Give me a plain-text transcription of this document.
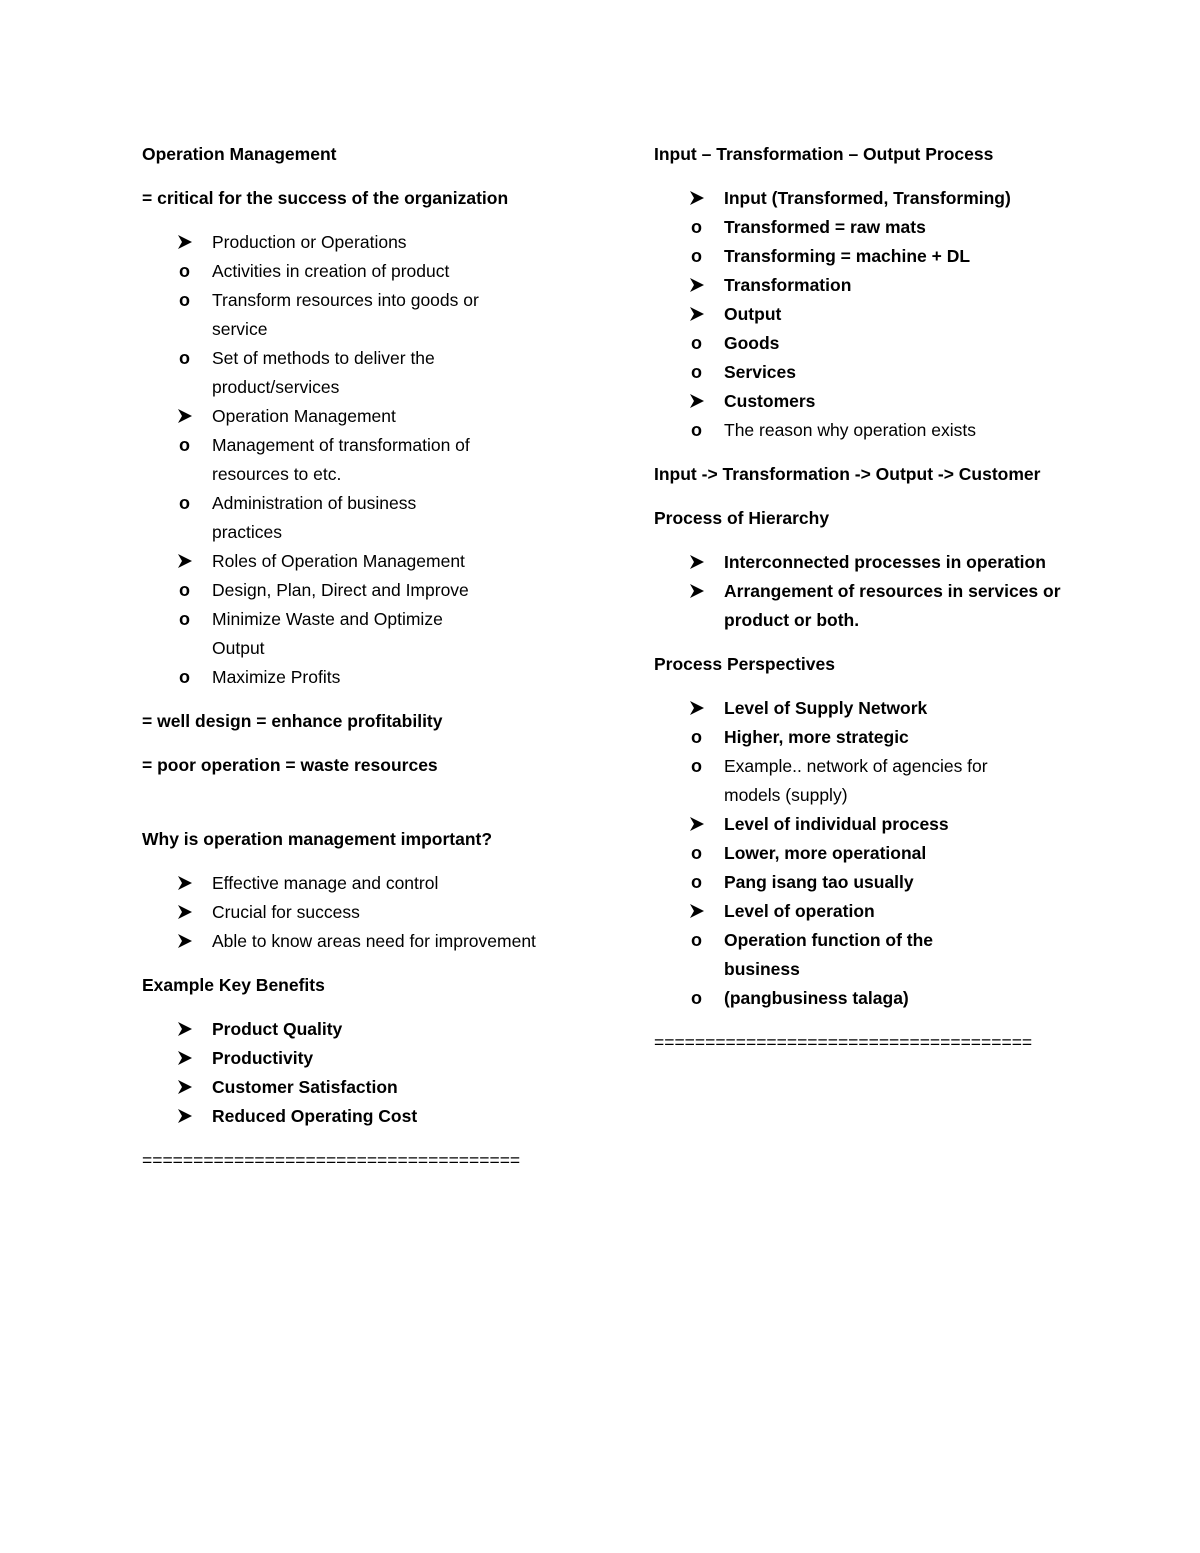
Operation Management

= critical for the success of the organization

Production or Operations
o Activities in creation of product
o Transform resources into goods or service
o Set of methods to deliver the product/services
Operation Management
o Management of transformation of resources to etc.
o Administration of business practices
Roles of Operation Management
o Design, Plan, Direct and Improve
o Minimize Waste and Optimize Output
o Maximize Profits

= well design = enhance profitability

= poor operation = waste resources

Why is operation management important?

Effective manage and control
Crucial for success
Able to know areas need for improvement

Example Key Benefits

Product Quality
Productivity
Customer Satisfaction
Reduced Operating Cost
=====================================

Input – Transformation – Output Process

Input (Transformed, Transforming)
o Transformed = raw mats
o Transforming = machine + DL
Transformation
Output
o Goods
o Services
Customers
o The reason why operation exists

Input -> Transformation -> Output -> Customer

Process of Hierarchy

Interconnected processes in operation
Arrangement of resources in services or product or both.

Process Perspectives

Level of Supply Network
o Higher, more strategic
o Example.. network of agencies for models (supply)
Level of individual process
o Lower, more operational
o Pang isang tao usually
Level of operation
o Operation function of the business
o (pangbusiness talaga)
=====================================
